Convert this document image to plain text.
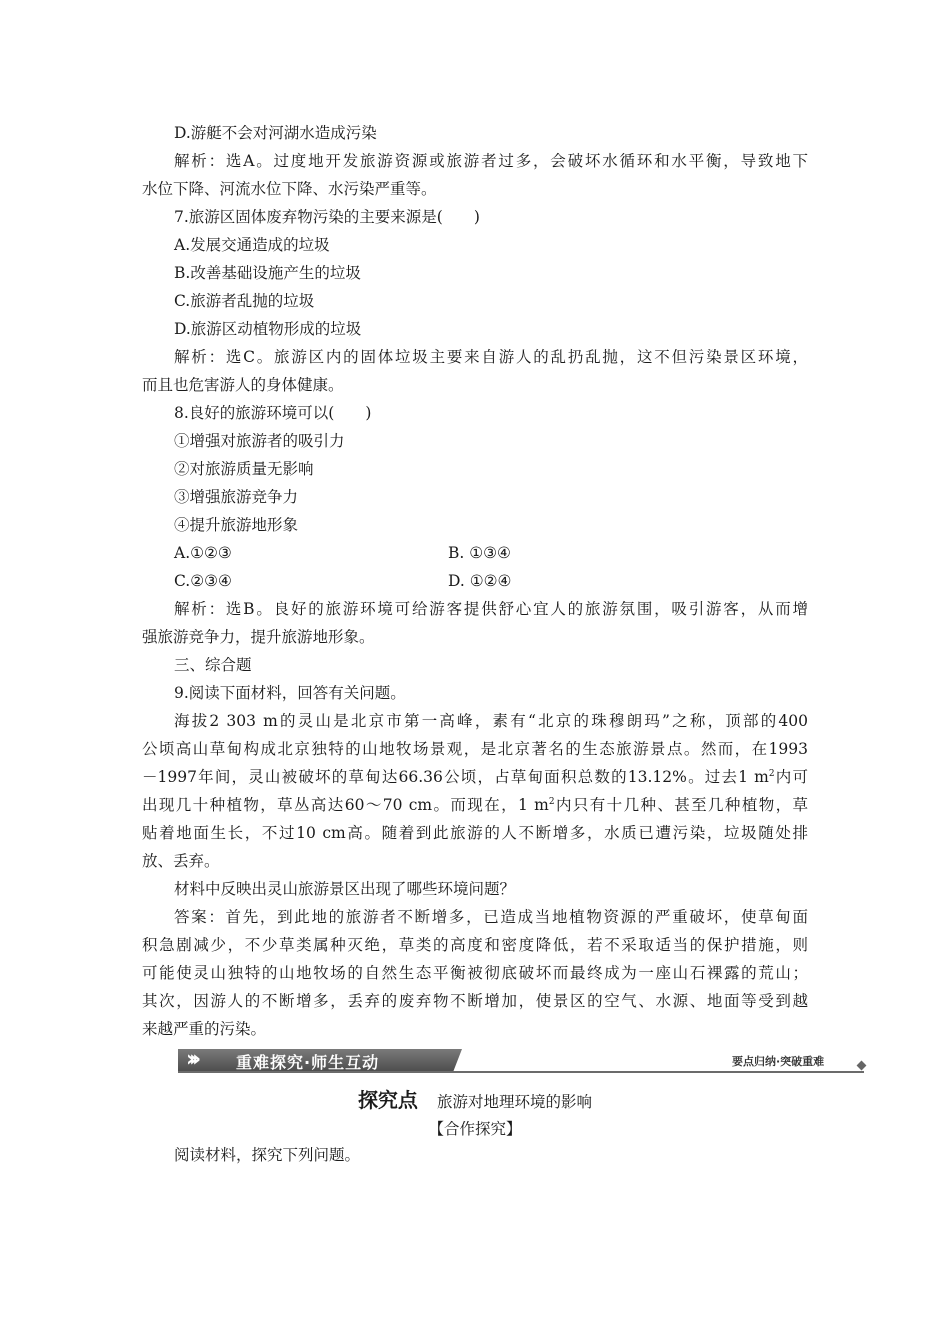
D.游艇不会对河湖水造成污染
解析：选A。过度地开发旅游资源或旅游者过多，会破坏水循环和水平衡，导致地下
水位下降、河流水位下降、水污染严重等。
7.旅游区固体废弃物污染的主要来源是(　　)
A.发展交通造成的垃圾
B.改善基础设施产生的垃圾
C.旅游者乱抛的垃圾
D.旅游区动植物形成的垃圾
解析：选C。旅游区内的固体垃圾主要来自游人的乱扔乱抛，这不但污染景区环境，
而且也危害游人的身体健康。
8.良好的旅游环境可以(　　)
①增强对旅游者的吸引力
②对旅游质量无影响
③增强旅游竞争力
④提升旅游地形象
A.①②③	B. ①③④
C.②③④	D. ①②④
解析：选B。良好的旅游环境可给游客提供舒心宜人的旅游氛围，吸引游客，从而增
强旅游竞争力，提升旅游地形象。
三、综合题
9.阅读下面材料，回答有关问题。
海拔2 303 m的灵山是北京市第一高峰，素有“北京的珠穆朗玛”之称，顶部的400
公顷高山草甸构成北京独特的山地牧场景观，是北京著名的生态旅游景点。然而，在1993
－1997年间，灵山被破坏的草甸达66.36公顷，占草甸面积总数的13.12%。过去1 $m^2$内可
出现几十种植物，草丛高达60～70 cm。而现在，1 $m^2$内只有十几种、甚至几种植物，草
贴着地面生长，不过10 cm高。随着到此旅游的人不断增多，水质已遭污染，垃圾随处排
放、丢弃。
材料中反映出灵山旅游景区出现了哪些环境问题？
答案：首先，到此地的旅游者不断增多，已造成当地植物资源的严重破坏，使草甸面
积急剧减少，不少草类属种灭绝，草类的高度和密度降低，若不采取适当的保护措施，则
可能使灵山独特的山地牧场的自然生态平衡被彻底破坏而最终成为一座山石裸露的荒山；
其次，因游人的不断增多，丢弃的废弃物不断增加，使景区的空气、水源、地面等受到越
来越严重的污染。
›››	重难探究·师生互动	要点归纳·突破重难
探究点 旅游对地理环境的影响
【合作探究】
阅读材料，探究下列问题。
